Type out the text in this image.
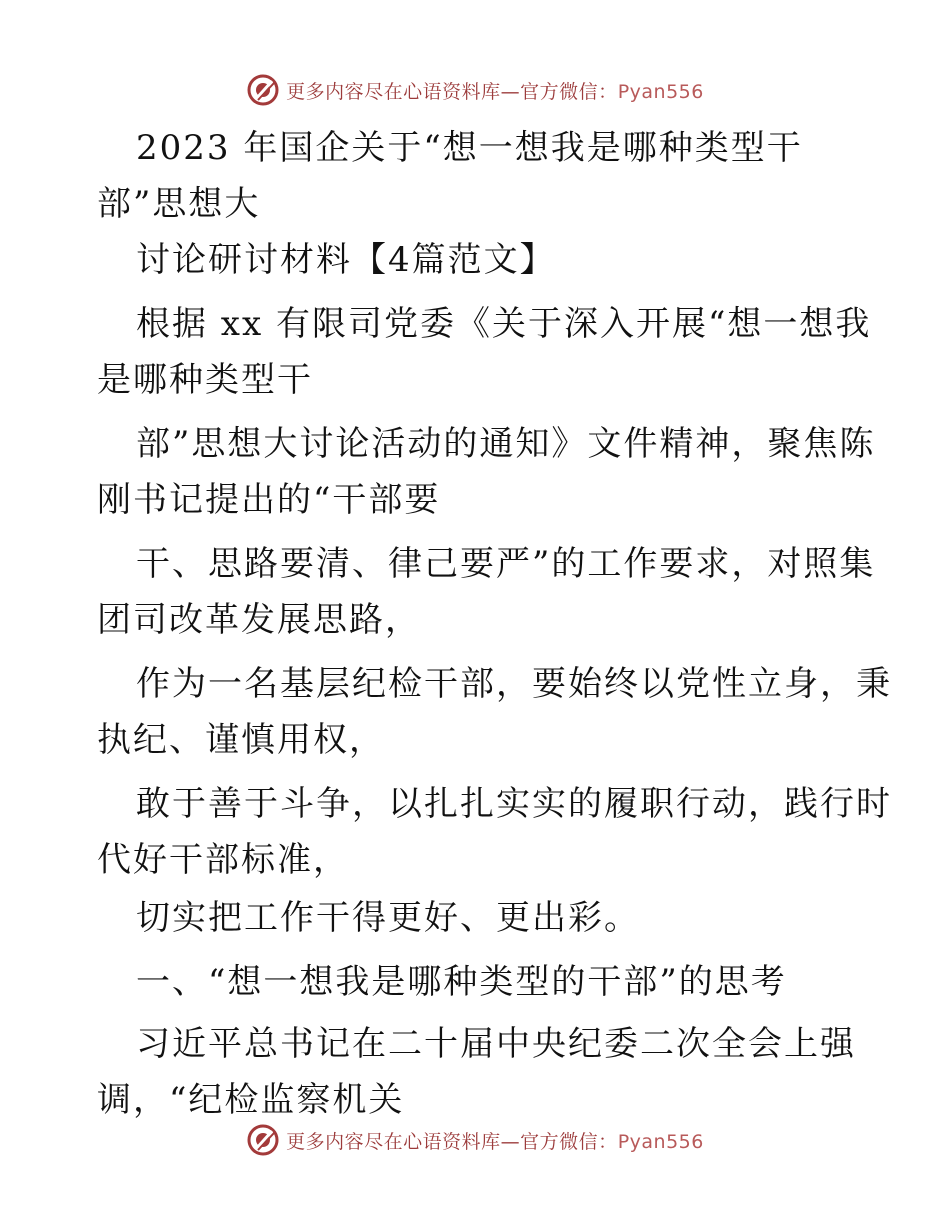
更多内容尽在心语资料库—官方微信：Pyan556
2023 年国企关于“想一想我是哪种类型干
部”思想大
讨论研讨材料【4篇范文】
根据 xx 有限司党委《关于深入开展“想一想我
是哪种类型干
部”思想大讨论活动的通知》文件精神，聚焦陈
刚书记提出的“干部要
干、思路要清、律己要严”的工作要求，对照集
团司改革发展思路，
作为一名基层纪检干部，要始终以党性立身，秉
执纪、谨慎用权，
敢于善于斗争，以扎扎实实的履职行动，践行时
代好干部标准，
切实把工作干得更好、更出彩。
一、“想一想我是哪种类型的干部”的思考
习近平总书记在二十届中央纪委二次全会上强
调，“纪检监察机关
更多内容尽在心语资料库—官方微信：Pyan556
